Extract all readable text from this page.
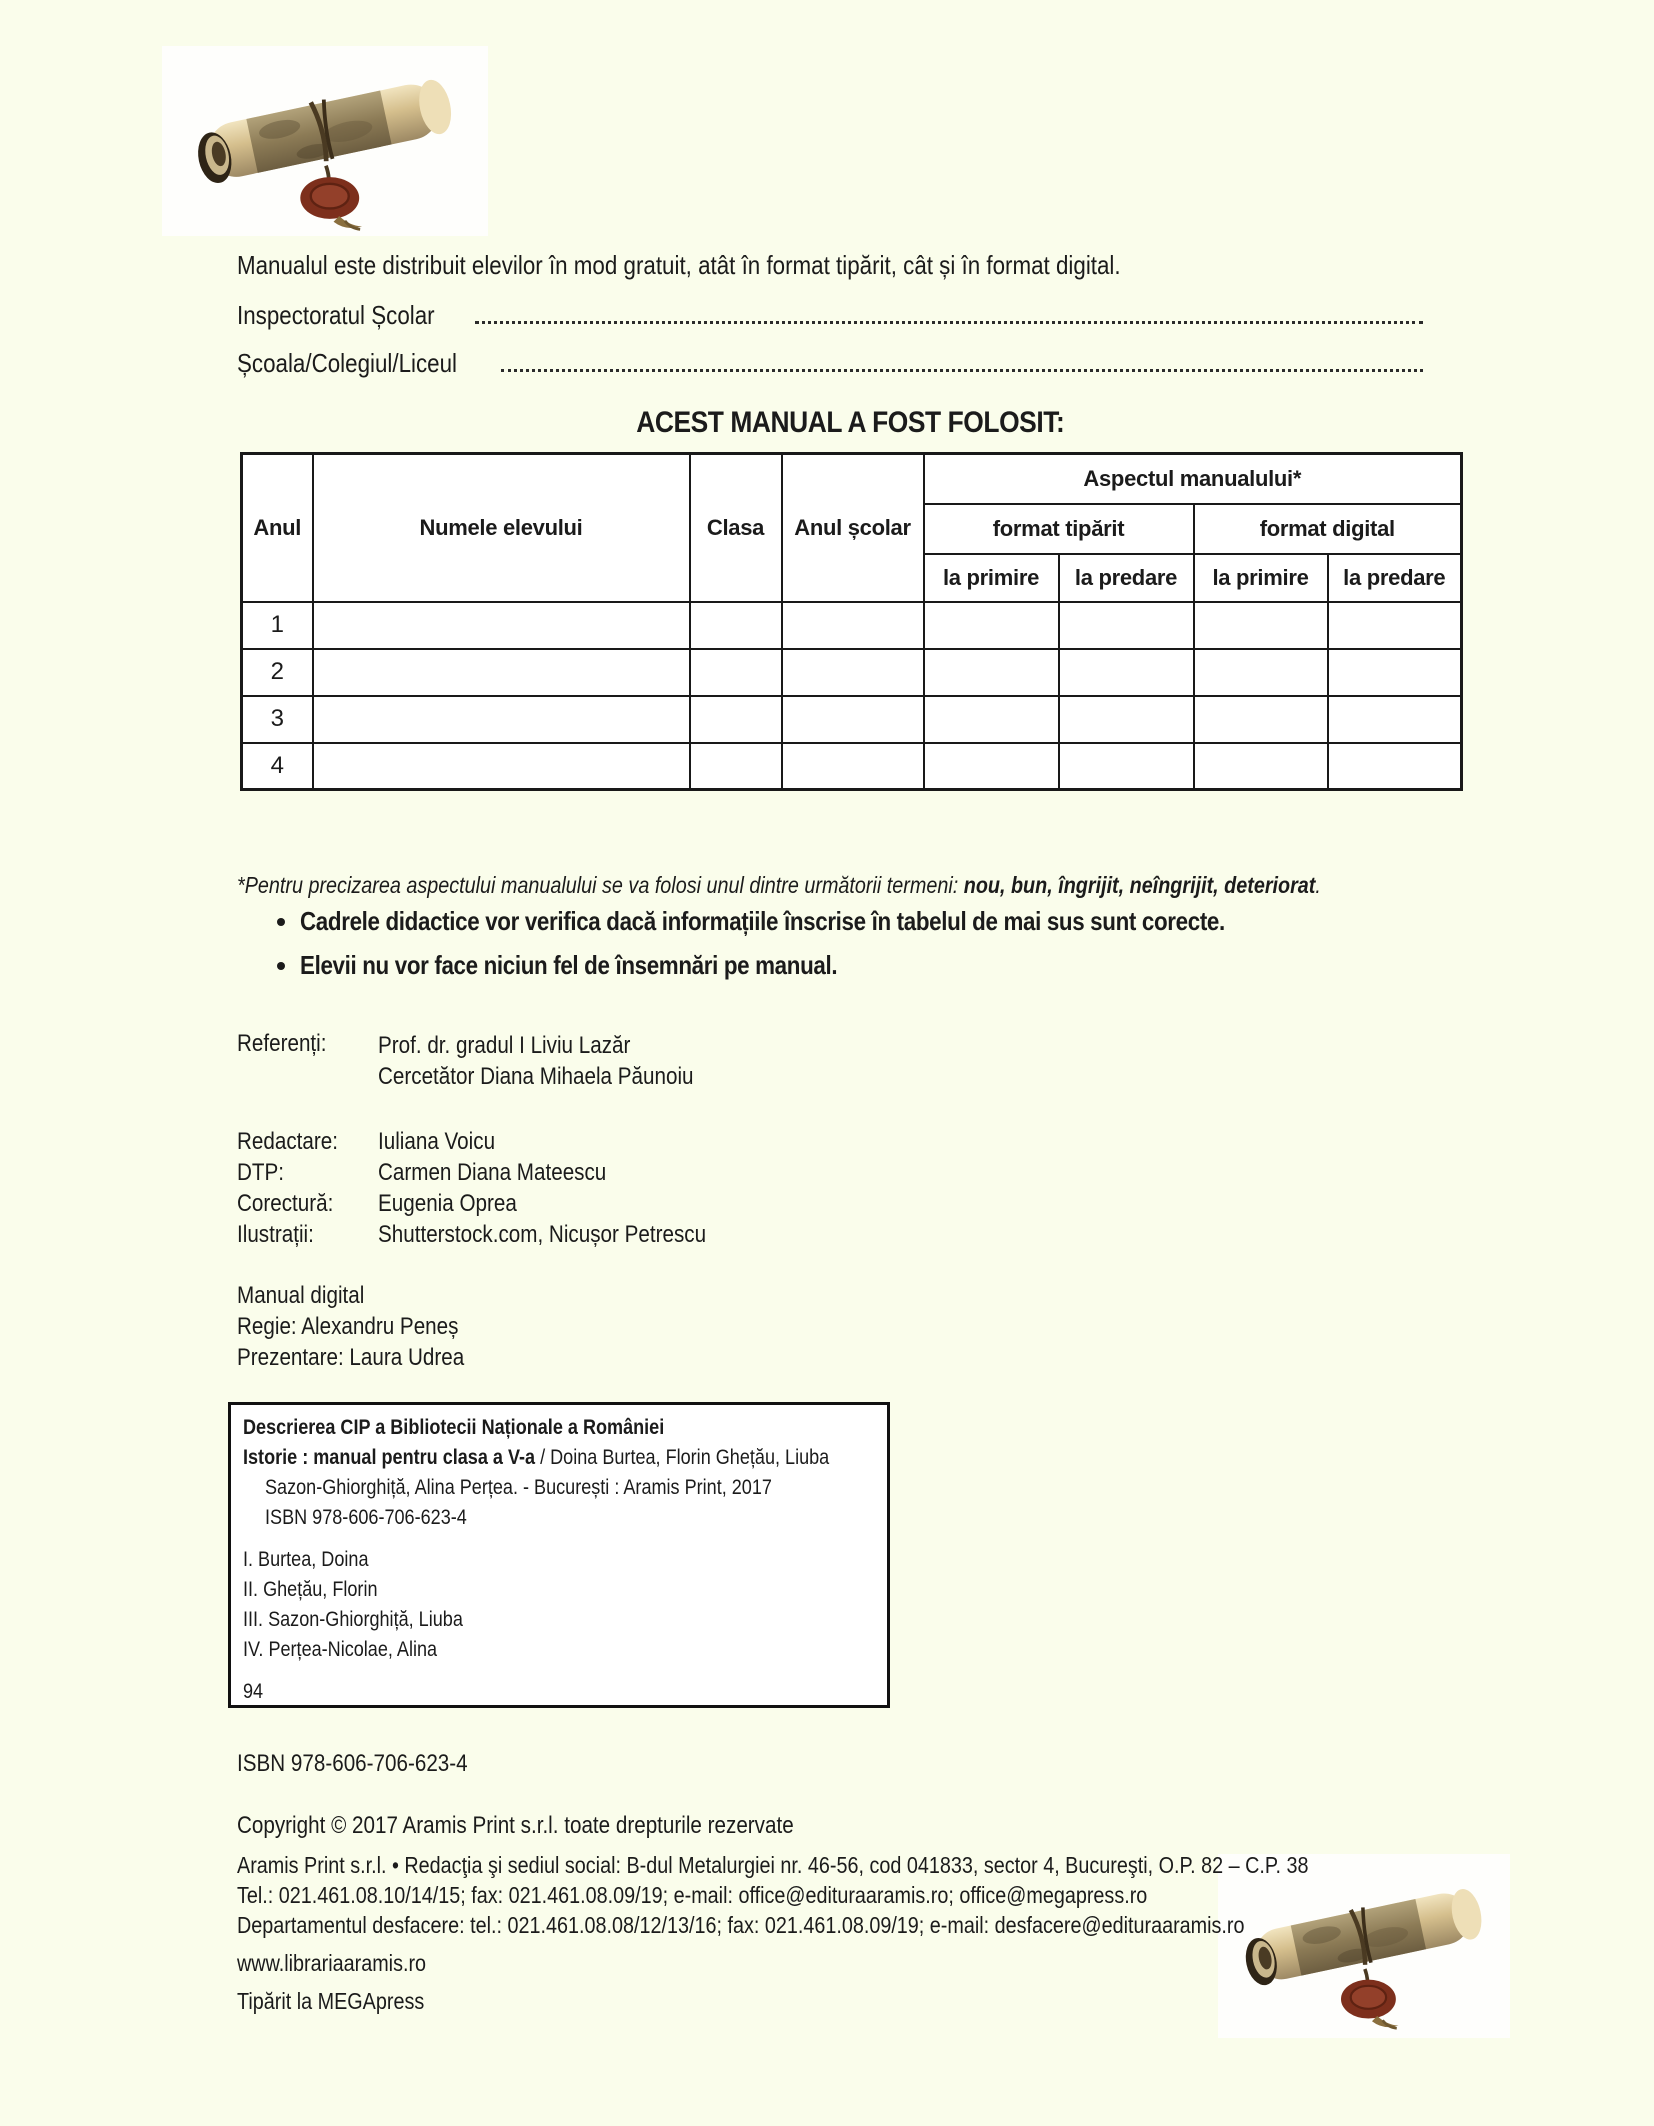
Manualul este distribuit elevilor în mod gratuit, atât în format tipărit, cât și în format digital.
Inspectoratul Școlar
Școala/Colegiul/Liceul
ACEST MANUAL A FOST FOLOSIT:
Anul	Numele elevului	Clasa	Anul școlar	Aspectul manualului*			
				format tipărit		format digital	
				la primire	la predare	la primire	la predare
1							
2							
3							
4							
*Pentru precizarea aspectului manualului se va folosi unul dintre următorii termeni: nou, bun, îngrijit, neîngrijit, deteriorat.
• Cadrele didactice vor verifica dacă informațiile înscrise în tabelul de mai sus sunt corecte.
• Elevii nu vor face niciun fel de însemnări pe manual.
Referenți:	Prof. dr. gradul I Liviu Lazăr
Cercetător Diana Mihaela Păunoiu
Redactare:	Iuliana Voicu
DTP:	Carmen Diana Mateescu
Corectură:	Eugenia Oprea
Ilustrații:	Shutterstock.com, Nicușor Petrescu
Manual digital
Regie: Alexandru Peneș
Prezentare: Laura Udrea
Descrierea CIP a Bibliotecii Naționale a României
Istorie : manual pentru clasa a V-a / Doina Burtea, Florin Ghețău, Liuba
Sazon-Ghiorghiță, Alina Perțea. - București : Aramis Print, 2017
ISBN 978-606-706-623-4
I. Burtea, Doina
II. Ghețău, Florin
III. Sazon-Ghiorghiță, Liuba
IV. Perțea-Nicolae, Alina
94
ISBN 978-606-706-623-4
Copyright © 2017 Aramis Print s.r.l. toate drepturile rezervate
Aramis Print s.r.l. • Redacţia şi sediul social: B-dul Metalurgiei nr. 46-56, cod 041833, sector 4, Bucureşti, O.P. 82 – C.P. 38
Tel.: 021.461.08.10/14/15; fax: 021.461.08.09/19; e-mail: office@edituraaramis.ro; office@megapress.ro
Departamentul desfacere: tel.: 021.461.08.08/12/13/16; fax: 021.461.08.09/19; e-mail: desfacere@edituraaramis.ro
www.librariaaramis.ro
Tipărit la MEGApress
